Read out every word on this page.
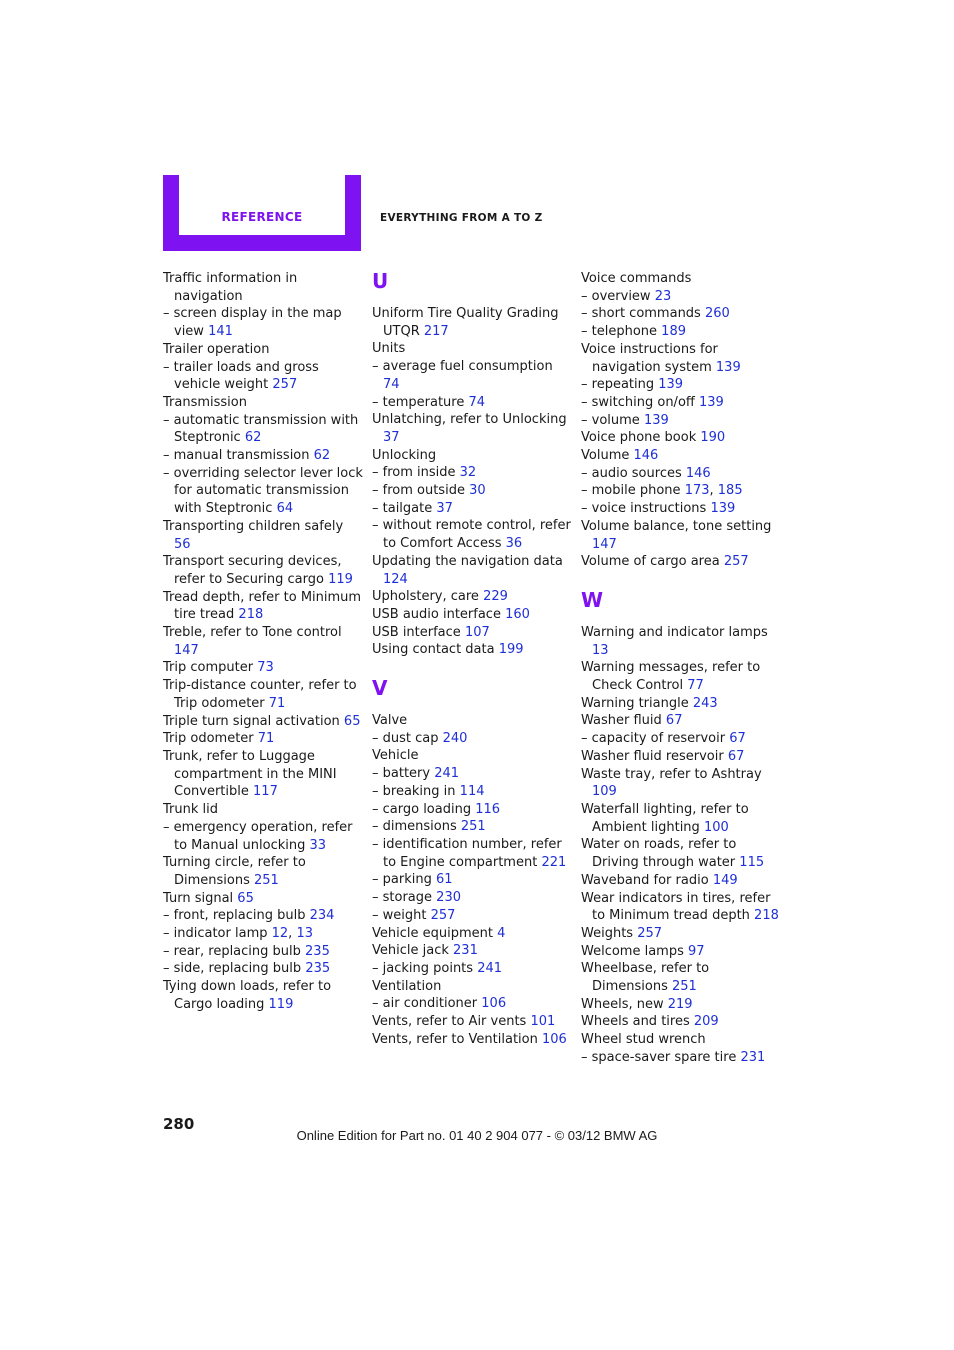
REFERENCE	EVERYTHING FROM A TO Z
Traffic information in navigation
– screen display in the map view 141
Trailer operation
– trailer loads and gross vehicle weight 257
Transmission
– automatic transmission with Steptronic 62
– manual transmission 62
– overriding selector lever lock for automatic transmission with Steptronic 64
Transporting children safely 56
Transport securing devices, refer to Securing cargo 119
Tread depth, refer to Minimum tire tread 218
Treble, refer to Tone control 147
Trip computer 73
Trip-distance counter, refer to Trip odometer 71
Triple turn signal activation 65
Trip odometer 71
Trunk, refer to Luggage compartment in the MINI Convertible 117
Trunk lid
– emergency operation, refer to Manual unlocking 33
Turning circle, refer to Dimensions 251
Turn signal 65
– front, replacing bulb 234
– indicator lamp 12, 13
– rear, replacing bulb 235
– side, replacing bulb 235
Tying down loads, refer to Cargo loading 119
U
Uniform Tire Quality Grading UTQR 217
Units
– average fuel consumption 74
– temperature 74
Unlatching, refer to Unlocking 37
Unlocking
– from inside 32
– from outside 30
– tailgate 37
– without remote control, refer to Comfort Access 36
Updating the navigation data 124
Upholstery, care 229
USB audio interface 160
USB interface 107
Using contact data 199
V
Valve
– dust cap 240
Vehicle
– battery 241
– breaking in 114
– cargo loading 116
– dimensions 251
– identification number, refer to Engine compartment 221
– parking 61
– storage 230
– weight 257
Vehicle equipment 4
Vehicle jack 231
– jacking points 241
Ventilation
– air conditioner 106
Vents, refer to Air vents 101
Vents, refer to Ventilation 106
Voice commands
– overview 23
– short commands 260
– telephone 189
Voice instructions for navigation system 139
– repeating 139
– switching on/off 139
– volume 139
Voice phone book 190
Volume 146
– audio sources 146
– mobile phone 173, 185
– voice instructions 139
Volume balance, tone setting 147
Volume of cargo area 257
W
Warning and indicator lamps 13
Warning messages, refer to Check Control 77
Warning triangle 243
Washer fluid 67
– capacity of reservoir 67
Washer fluid reservoir 67
Waste tray, refer to Ashtray 109
Waterfall lighting, refer to Ambient lighting 100
Water on roads, refer to Driving through water 115
Waveband for radio 149
Wear indicators in tires, refer to Minimum tread depth 218
Weights 257
Welcome lamps 97
Wheelbase, refer to Dimensions 251
Wheels, new 219
Wheels and tires 209
Wheel stud wrench
– space-saver spare tire 231
280
Online Edition for Part no. 01 40 2 904 077 - © 03/12 BMW AG
